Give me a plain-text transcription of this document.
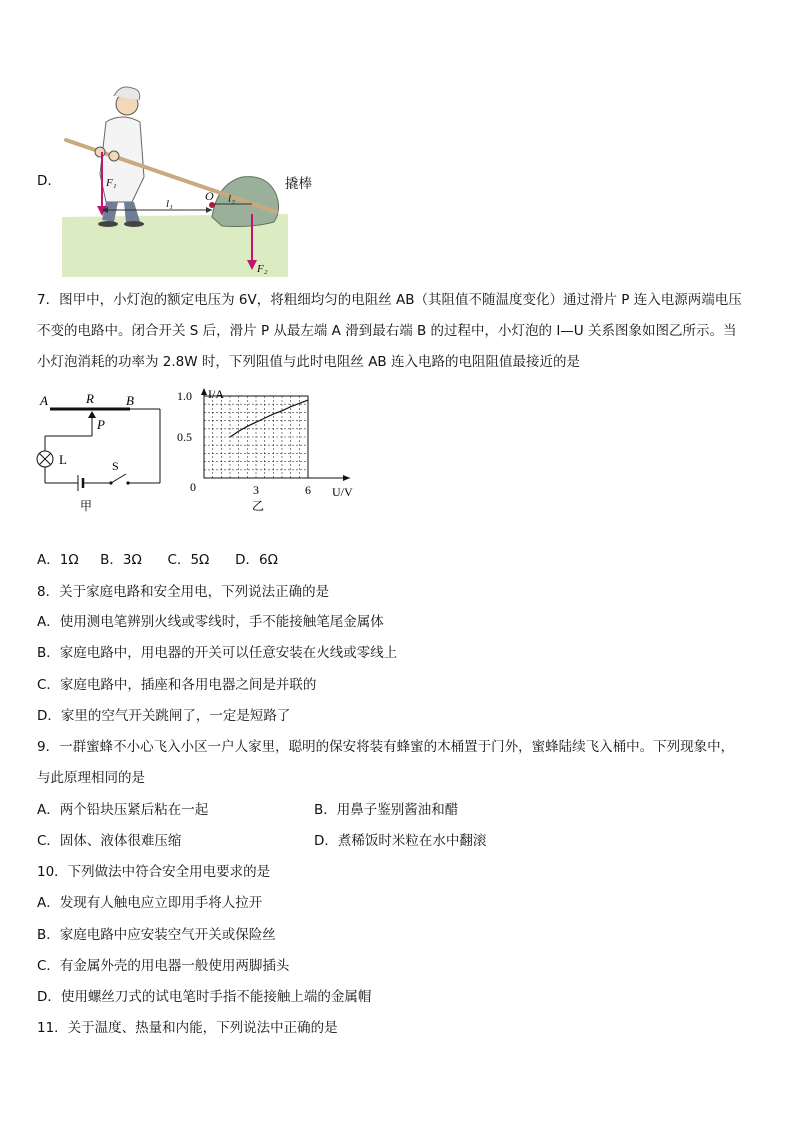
D.	F₁
F₂
O
l₁	l₂
撬棒
7．图甲中，小灯泡的额定电压为 6V，将粗细均匀的电阻丝 AB（其阻值不随温度变化）通过滑片 P 连入电源两端电压
不变的电路中。闭合开关 S 后，滑片 P 从最左端 A 滑到最右端 B 的过程中，小灯泡的 I—U 关系图象如图乙所示。当
小灯泡消耗的功率为 2.8W 时，下列阻值与此时电阻丝 AB 连入电路的电阻阻值最接近的是
A	R B
P
L	S
甲
I/A
U/V
0
0.5
1.0
3	6
乙
A．1Ω B．3Ω C．5Ω D．6Ω
8．关于家庭电路和安全用电，下列说法正确的是
A．使用测电笔辨别火线或零线时，手不能接触笔尾金属体
B．家庭电路中，用电器的开关可以任意安装在火线或零线上
C．家庭电路中，插座和各用电器之间是并联的
D．家里的空气开关跳闸了，一定是短路了
9．一群蜜蜂不小心飞入小区一户人家里，聪明的保安将装有蜂蜜的木桶置于门外，蜜蜂陆续飞入桶中。下列现象中，
与此原理相同的是
A．两个铅块压紧后粘在一起	B．用鼻子鉴别酱油和醋
C．固体、液体很难压缩	D．煮稀饭时米粒在水中翻滚
10．下列做法中符合安全用电要求的是
A．发现有人触电应立即用手将人拉开
B．家庭电路中应安装空气开关或保险丝
C．有金属外壳的用电器一般使用两脚插头
D．使用螺丝刀式的试电笔时手指不能接触上端的金属帽
11．关于温度、热量和内能，下列说法中正确的是
